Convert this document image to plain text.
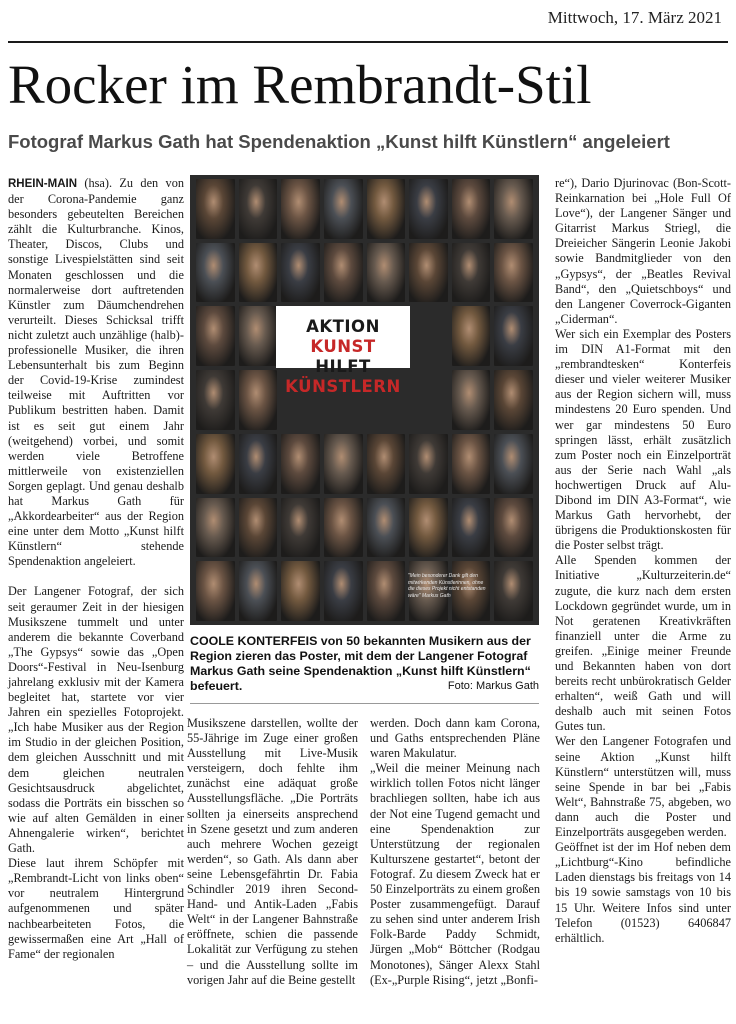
Mittwoch, 17. März 2021
Rocker im Rembrandt-Stil
Fotograf Markus Gath hat Spendenaktion „Kunst hilft Künstlern“ angeleiert

RHEIN-MAIN (hsa). Zu den von der Corona-Pandemie ganz besonders gebeutelten Bereichen zählt die Kulturbranche. Kinos, Theater, Discos, Clubs und sonstige Livespielstätten sind seit Monaten geschlossen und die normalerweise dort auftretenden Künstler zum Däumchendrehen verurteilt. Dieses Schicksal trifft nicht zuletzt auch unzählige (halb)-professionelle Musiker, die ihren Lebensunterhalt bis zum Beginn der Covid-19-Krise zumindest teilweise mit Auftritten vor Publikum bestritten haben. Damit ist es seit gut einem Jahr (weitgehend) vorbei, und somit werden viele Betroffene mittlerweile von existenziellen Sorgen geplagt. Und genau deshalb hat Markus Gath für „Akkordearbeiter“ aus der Region eine unter dem Motto „Kunst hilft Künstlern“ stehende Spendenaktion angeleiert.

Der Langener Fotograf, der sich seit geraumer Zeit in der hiesigen Musikszene tummelt und unter anderem die bekannte Coverband „The Gypsys“ sowie das „Open Doors“-Festival in Neu-Isenburg jahrelang exklusiv mit der Kamera begleitet hat, startete vor vier Jahren ein spezielles Fotoprojekt. „Ich habe Musiker aus der Region im Studio in der gleichen Position, dem gleichen Ausschnitt und mit dem gleichen neutralen Gesichtsausdruck abgelichtet, sodass die Porträts ein bisschen so wie auf alten Gemälden in einer Ahnengalerie wirken“, berichtet Gath.

Diese laut ihrem Schöpfer mit „Rembrandt-Licht von links oben“ vor neutralem Hintergrund aufgenommenen und später nachbearbeiteten Fotos, die gewissermaßen eine Art „Hall of Fame“ der regionalen

AKTION KUNST
HILFT KÜNSTLERN
"Mein besonderer Dank gilt den mitwirkenden Künstlerinnen, ohne die dieses Projekt nicht entstanden wäre" Markus Gath
COOLE KONTERFEIS von 50 bekannten Musikern aus der Region zieren das Poster, mit dem der Langener Fotograf Markus Gath seine Spendenaktion „Kunst hilft Künstlern“ befeuert.	Foto: Markus Gath

Musikszene darstellen, wollte der 55-Jährige im Zuge einer großen Ausstellung mit Live-Musik versteigern, doch fehlte ihm zunächst eine adäquat große Ausstellungsfläche. „Die Porträts sollten ja einerseits ansprechend in Szene gesetzt und zum anderen auch mehrere Wochen gezeigt werden“, so Gath. Als dann aber seine Lebensgefährtin Dr. Fabia Schindler 2019 ihren Second-Hand- und Antik-Laden „Fabis Welt“ in der Langener Bahnstraße eröffnete, schien die passende Lokalität zur Verfügung zu stehen – und die Ausstellung sollte im vorigen Jahr auf die Beine gestellt

werden. Doch dann kam Corona, und Gaths entsprechenden Pläne waren Makulatur.

„Weil die meiner Meinung nach wirklich tollen Fotos nicht länger brachliegen sollten, habe ich aus der Not eine Tugend gemacht und eine Spendenaktion zur Unterstützung der regionalen Kulturszene gestartet“, betont der Fotograf. Zu diesem Zweck hat er 50 Einzelporträts zu einem großen Poster zusammengefügt. Darauf zu sehen sind unter anderem Irish Folk-Barde Paddy Schmidt, Jürgen „Mob“ Böttcher (Rodgau Monotones), Sänger Alexx Stahl (Ex-„Purple Rising“, jetzt „Bonfi-

re“), Dario Djurinovac (Bon-Scott-Reinkarnation bei „Hole Full Of Love“), der Langener Sänger und Gitarrist Markus Striegl, die Dreieicher Sängerin Leonie Jakobi sowie Bandmitglieder von den „Gypsys“, der „Beatles Revival Band“, den „Quietschboys“ und den Langener Coverrock-Giganten „Ciderman“.

Wer sich ein Exemplar des Posters im DIN A1-Format mit den „rembrandtesken“ Konterfeis dieser und vieler weiterer Musiker aus der Region sichern will, muss mindestens 20 Euro spenden. Und wer gar mindestens 50 Euro springen lässt, erhält zusätzlich zum Poster noch ein Einzelporträt aus der Serie nach Wahl „als hochwertigen Druck auf Alu-Dibond im DIN A3-Format“, wie Markus Gath hervorhebt, der übrigens die Produktionskosten für die Poster selbst trägt.

Alle Spenden kommen der Initiative „Kulturzeiterin.de“ zugute, die kurz nach dem ersten Lockdown gegründet wurde, um in Not geratenen Kreativkräften finanziell unter die Arme zu greifen. „Einige meiner Freunde und Bekannten haben von dort bereits recht unbürokratisch Gelder erhalten“, weiß Gath und will deshalb auch mit seinen Fotos Gutes tun.

Wer den Langener Fotografen und seine Aktion „Kunst hilft Künstlern“ unterstützen will, muss seine Spende in bar bei „Fabis Welt“, Bahnstraße 75, abgeben, wo dann auch die Poster und Einzelporträts ausgegeben werden.

Geöffnet ist der im Hof neben dem „Lichtburg“-Kino befindliche Laden dienstags bis freitags von 14 bis 19 sowie samstags von 10 bis 15 Uhr. Weitere Infos sind unter Telefon (01523) 6406847 erhältlich.
